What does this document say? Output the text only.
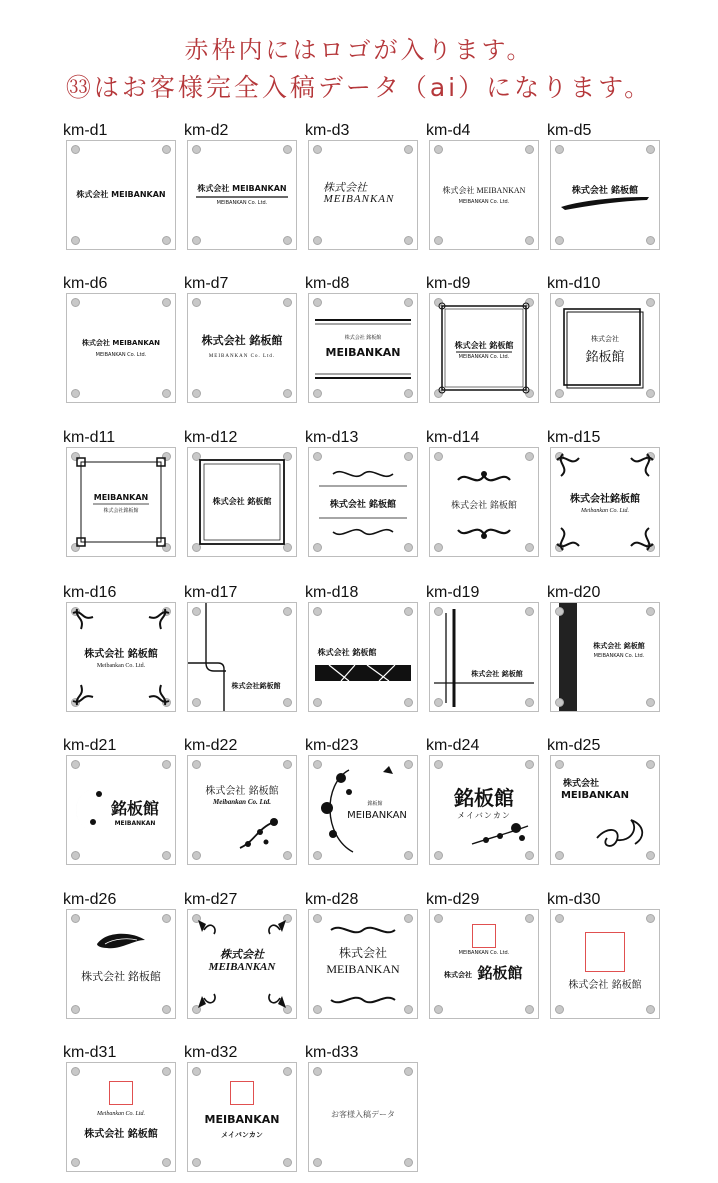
赤枠内にはロゴが入ります。
㉝はお客様完全入稿データ（ai）になります。
km-d1
株式会社 MEIBANKAN
km-d2
株式会社 MEIBANKAN
MEIBANKAN Co. Ltd.
km-d3
株式会社
MEIBANKAN
km-d4
株式会社 MEIBANKAN
MEIBANKAN Co. Ltd.
km-d5
株式会社 銘板館
km-d6
株式会社 MEIBANKAN
MEIBANKAN Co. Ltd.
km-d7
株式会社 銘板館
MEIBANKAN Co. Ltd.
km-d8
株式会社 銘板館
MEIBANKAN
km-d9
株式会社 銘板館
MEIBANKAN Co. Ltd.
km-d10
株式会社
銘板館
km-d11
MEIBANKAN
株式会社銘板館
km-d12
株式会社 銘板館
km-d13
株式会社 銘板館
km-d14
株式会社 銘板館
km-d15
株式会社銘板館
Meibankan Co. Ltd.
km-d16
株式会社 銘板館
Meibankan Co. Ltd.
km-d17
株式会社銘板館
km-d18
株式会社 銘板館
km-d19
株式会社 銘板館
km-d20
株式会社 銘板館
MEIBANKAN Co. Ltd.
km-d21
銘板館
MEIBANKAN
km-d22
株式会社 銘板館
Meibankan Co. Ltd.
km-d23
銘板館
MEIBANKAN
km-d24
銘板館
メイバンカン
km-d25
株式会社
MEIBANKAN
km-d26
株式会社 銘板館
km-d27
株式会社
MEIBANKAN
km-d28
株式会社
MEIBANKAN
km-d29
MEIBANKAN Co. Ltd.
株式会社 銘板館
km-d30
株式会社 銘板館
km-d31
Meibankan Co. Ltd.
株式会社 銘板館
km-d32
MEIBANKAN
メイバンカン
km-d33
お客様入稿データ
